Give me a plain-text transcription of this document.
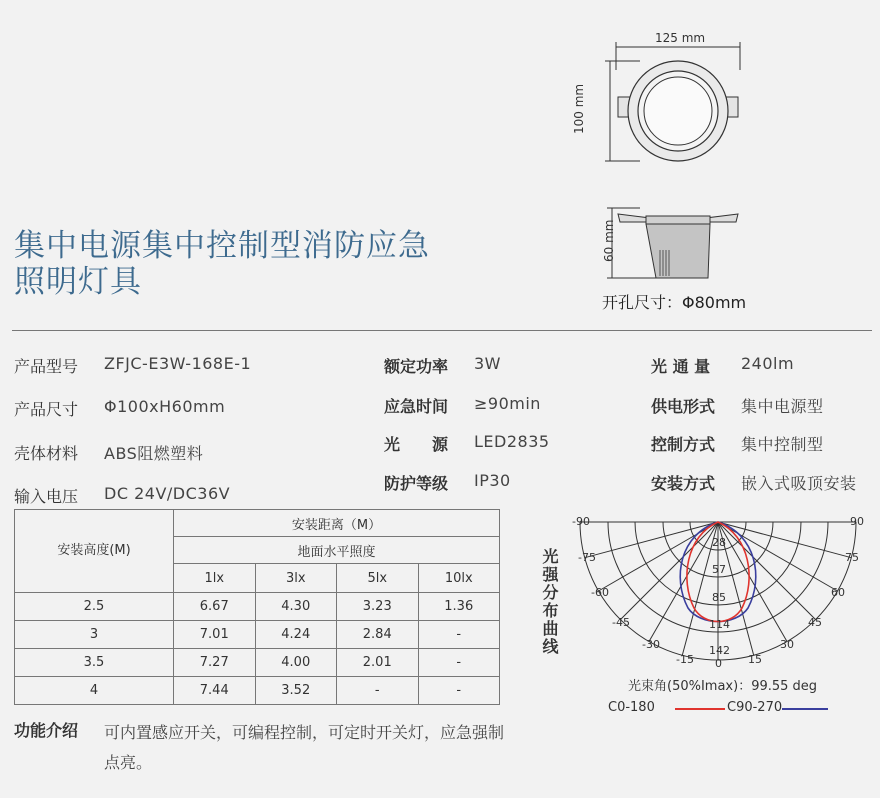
集中电源集中控制型消防应急
照明灯具
125 mm
100 mm
60 mm
开孔尺寸：Φ80mm
产品型号 ZFJC-E3W-168E-1
产品尺寸 Φ100xH60mm
壳体材料 ABS阻燃塑料
输入电压 DC 24V/DC36V
额定功率 3W
应急时间 ≥90min
光　　源 LED2835
防护等级 IP30
光 通 量 240lm
供电形式 集中电源型
控制方式 集中控制型
安装方式 嵌入式吸顶安装
安装高度(M)	安装距离（M）			
	地面水平照度			
	1lx	3lx	5lx	10lx
2.5	6.67	4.30	3.23	1.36
3	7.01	4.24	2.84	-
3.5	7.27	4.00	2.01	-
4	7.44	3.52	-	-
功能介绍 可内置感应开关，可编程控制，可定时开关灯，应急强制点亮。
光强分布曲线
-90
-75
-60
-45
-30
-15
90
75
60
45
30
15
0
28
57
85
114
142
光束角(50%Imax)：99.55 deg
C0-180	C90-270
